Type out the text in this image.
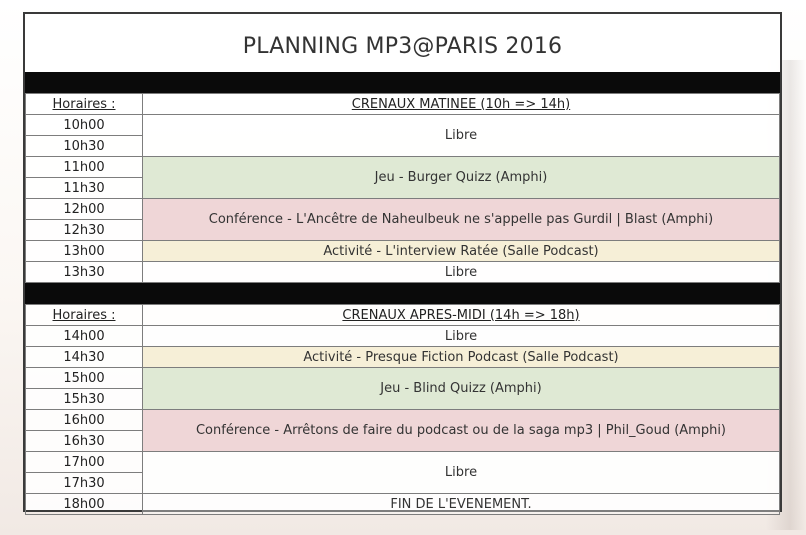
PLANNING MP3@PARIS 2016
Horaires :	CRENAUX MATINEE (10h => 14h)
10h00	Libre
10h30	
11h00	Jeu - Burger Quizz (Amphi)
11h30	
12h00	Conférence - L'Ancêtre de Naheulbeuk ne s'appelle pas Gurdil | Blast (Amphi)
12h30	
13h00	Activité - L'interview Ratée (Salle Podcast)
13h30	Libre
Horaires :	CRENAUX APRES-MIDI (14h => 18h)
14h00	Libre
14h30	Activité - Presque Fiction Podcast (Salle Podcast)
15h00	Jeu - Blind Quizz (Amphi)
15h30	
16h00	Conférence - Arrêtons de faire du podcast ou de la saga mp3 | Phil_Goud (Amphi)
16h30	
17h00	Libre
17h30	
18h00	FIN DE L'EVENEMENT.
